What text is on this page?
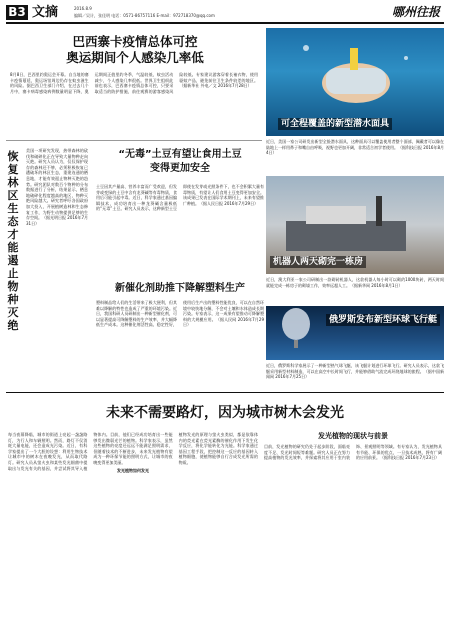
B3 文摘	2016.8.9
编辑／吴计，张佳明 电话：0571-86757116 E-mail：972718370@qq.com	哪州往报
巴西寨卡疫情总体可控
奥运期间个人感染几率低
8月8日，巴西里约奥运会开幕。自当地的寨卡疫情蔓延，奥运场馆周边仍存在蚊虫滋生的风险。据巴西卫生部门介绍，在过去几个月中，寨卡病毒感染病例数量明显下降，奥运期间正值里约冬季，气温较低，蚊虫活动减少，个人感染几率很低。世界卫生组织此前也表示，巴西寨卡疫情总体可控，只要采取适当的防护措施，前往观赛的游客感染风险较低。专家建议游客穿着长袖衣物，使用驱蚊产品，避免前往卫生条件较差的地区。（据新华社 外电／文 2016年7月28日）
可全程覆盖的新型潜水面具
近日，美国一家公司研发出新型全脸潜水面具，这种面具可以覆盖使用者整个面部，佩戴者可以像在陆地上一样用鼻子和嘴自由呼吸，视野也更加开阔，非常适合初学者使用。（据科技日报 2016年8月4日）
恢复林区生态才能遏止物种灭绝
美国一项研究发现，热带森林的砍伐和破碎化正在导致大量物种走向灭绝。研究人员认为，仅仅保护现存的森林还不够，必须积极恢复已遭破坏的林区生态，重建连通的栖息地，才能有效遏止物种灭绝的趋势。研究团队对数百个物种的分布数据进行了分析，结果显示，栖息地破碎化程度越高的地区，物种灭绝风险越大。研究者呼吁各国政府加大投入，开展植树造林和生态修复工作，为野生动物提供足够的生存空间。（据光明日报 2016年7月31日）
“无毒”土豆有望让食用土豆
变得更加安全
土豆因其产量高、营养丰富而广受欢迎，但发芽或变绿的土豆中含有龙葵碱等有毒物质，食用后可能引起中毒。近日，科学家通过基因编辑技术，成功培育出一种龙葵碱含量极低的“无毒”土豆。研究人员表示，这种新型土豆即使在发芽或光照条件下，也不会积累大量有毒物质，有望让人们食用土豆变得更加安全。该成果已发表在国际学术期刊上，未来有望推广种植。（据人民日报 2016年7月29日）
机器人两天砌完一栋房
近日，澳大利亚一家公司研制出一款砌砖机器人，这款机器人每小时可以砌约1000块砖，两天时间就能完成一栋房子的砌墙工作，效率远超人工。（据新华网 2016年8月1日）
新催化剂助推下降解塑料生产
塑料制品给人们的生活带来了极大便利，但其难以降解的特性也造成了严重的环境污染。近日，我国科研人员研制出一种新型催化剂，可以显著提高可降解塑料的生产效率，并大幅降低生产成本。这种催化剂活性高、稳定性好，使用后生产出的塑料性能优良，可以在自然环境中较快地分解，不会对土壤和水体造成长期污染。专家表示，这一成果有望推动可降解塑料的大规模应用。（据人民网 2016年7月29日）	俄罗斯发布新型环球飞行艇
近日，俄罗斯科学家展示了一种新型热气球飞艇，该飞艇计划进行环球飞行。研究人员表示，这款飞艇采用新型材料制造，可以在高空中长时间飞行，并能够借助气流完成环绕地球的旅程。（据中国新闻网 2016年7月25日）
未来不需要路灯，因为城市树木会发光
每当夜幕降临，城市的街道上亮起一盏盏路灯，为行人和车辆照明。然而，路灯不仅消耗大量电能，还会造成光污染。近日，有科学家提出了一个大胆的设想：利用生物技术让城市中的树木在夜晚发光，从而取代路灯。研究人员从萤火虫和某些发光细菌中提取出与发光有关的基因，并尝试将其导入植物体内。目前，他们已经成功培育出一些能够发出微弱光芒的植物。科学家表示，虽然这些植物的亮度还远远不能满足照明需求，但随着技术的不断进步，未来发光植物有望成为一种环保节能的照明方式，让城市的夜晚变得更加美丽。
发光植物如何发光
植物发光的原理与萤火虫类似，都是依靠体内的荧光素在荧光素酶的催化作用下发生化学反应，将化学能转化为光能。科学家通过基因工程手段，把控制这一反应的基因转入植物细胞，使植物能够自行合成发光所需的物质。
发光植物的现状与前景
目前，发光植物的研究仍处于起步阶段，面临亮度不足、发光时间短等难题。研究人员正在努力提高植物的发光效率，并探索将其应用于室内装饰、景观照明等领域。有专家认为，发光植物具有节能、环保的优点，一旦技术成熟，将有广阔的应用前景。（据科技日报 2016年7月23日）
